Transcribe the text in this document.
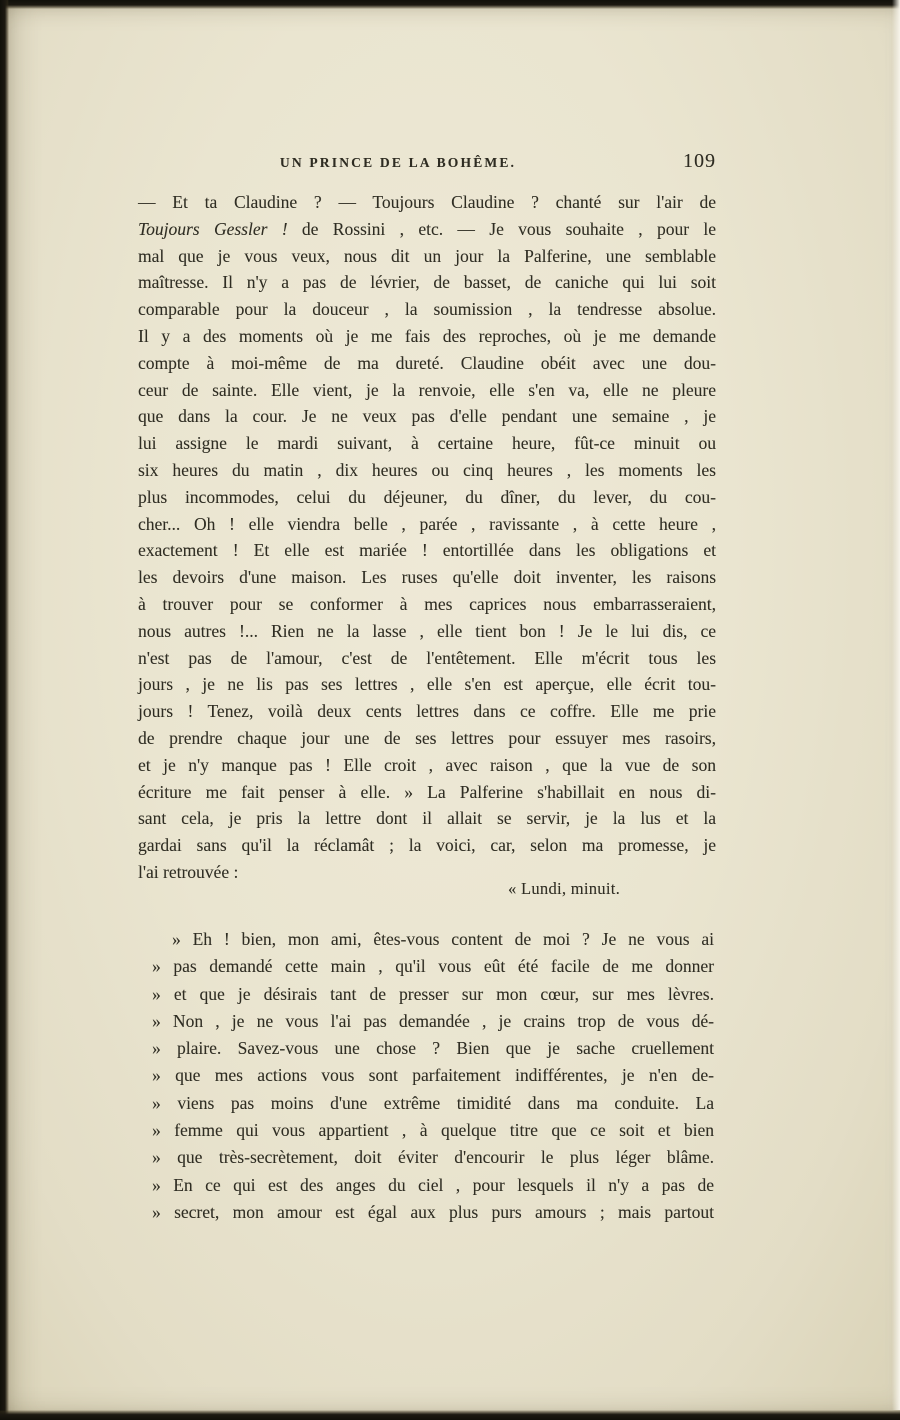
UN PRINCE DE LA BOHÊME.	109
— Et ta Claudine ? — Toujours Claudine ? chanté sur l'air de
Toujours Gessler ! de Rossini , etc. — Je vous souhaite , pour le
mal que je vous veux, nous dit un jour la Palferine, une semblable
maîtresse. Il n'y a pas de lévrier, de basset, de caniche qui lui soit
comparable pour la douceur , la soumission , la tendresse absolue.
Il y a des moments où je me fais des reproches, où je me demande
compte à moi-même de ma dureté. Claudine obéit avec une dou-
ceur de sainte. Elle vient, je la renvoie, elle s'en va, elle ne pleure
que dans la cour. Je ne veux pas d'elle pendant une semaine , je
lui assigne le mardi suivant, à certaine heure, fût-ce minuit ou
six heures du matin , dix heures ou cinq heures , les moments les
plus incommodes, celui du déjeuner, du dîner, du lever, du cou-
cher... Oh ! elle viendra belle , parée , ravissante , à cette heure ,
exactement ! Et elle est mariée ! entortillée dans les obligations et
les devoirs d'une maison. Les ruses qu'elle doit inventer, les raisons
à trouver pour se conformer à mes caprices nous embarrasseraient,
nous autres !... Rien ne la lasse , elle tient bon ! Je le lui dis, ce
n'est pas de l'amour, c'est de l'entêtement. Elle m'écrit tous les
jours , je ne lis pas ses lettres , elle s'en est aperçue, elle écrit tou-
jours ! Tenez, voilà deux cents lettres dans ce coffre. Elle me prie
de prendre chaque jour une de ses lettres pour essuyer mes rasoirs,
et je n'y manque pas ! Elle croit , avec raison , que la vue de son
écriture me fait penser à elle. » La Palferine s'habillait en nous di-
sant cela, je pris la lettre dont il allait se servir, je la lus et la
gardai sans qu'il la réclamât ; la voici, car, selon ma promesse, je
l'ai retrouvée :
« Lundi, minuit.
» Eh ! bien, mon ami, êtes-vous content de moi ? Je ne vous ai
» pas demandé cette main , qu'il vous eût été facile de me donner
» et que je désirais tant de presser sur mon cœur, sur mes lèvres.
» Non , je ne vous l'ai pas demandée , je crains trop de vous dé-
» plaire. Savez-vous une chose ? Bien que je sache cruellement
» que mes actions vous sont parfaitement indifférentes, je n'en de-
» viens pas moins d'une extrême timidité dans ma conduite. La
» femme qui vous appartient , à quelque titre que ce soit et bien
» que très-secrètement, doit éviter d'encourir le plus léger blâme.
» En ce qui est des anges du ciel , pour lesquels il n'y a pas de
» secret, mon amour est égal aux plus purs amours ; mais partout
